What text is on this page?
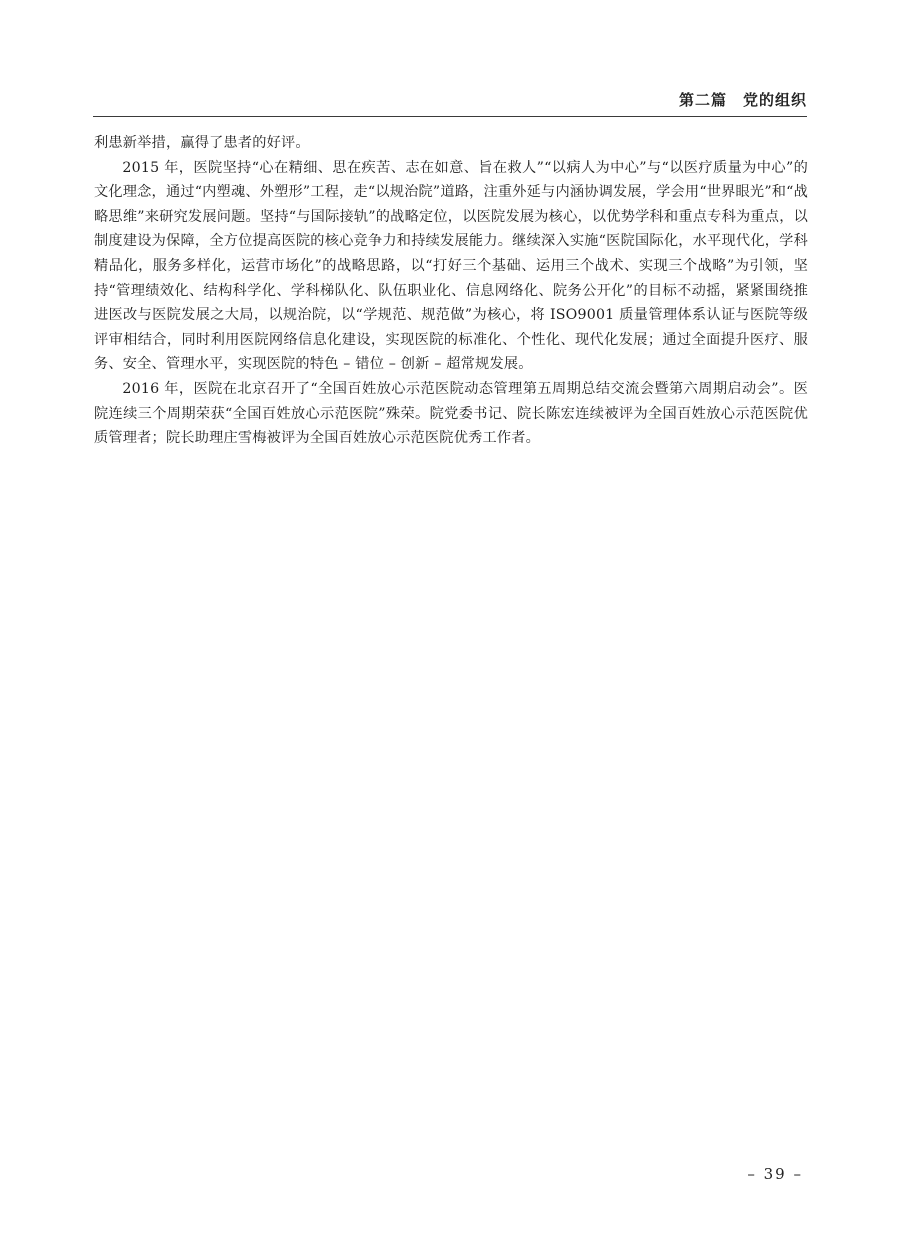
第二篇　党的组织

利患新举措，赢得了患者的好评。

2015 年，医院坚持“心在精细、思在疾苦、志在如意、旨在救人”“以病人为中心”与“以医疗质量为中心”的文化理念，通过“内塑魂、外塑形”工程，走“以规治院”道路，注重外延与内涵协调发展，学会用“世界眼光”和“战略思维”来研究发展问题。坚持“与国际接轨”的战略定位，以医院发展为核心，以优势学科和重点专科为重点，以制度建设为保障，全方位提高医院的核心竞争力和持续发展能力。继续深入实施“医院国际化，水平现代化，学科精品化，服务多样化，运营市场化”的战略思路，以“打好三个基础、运用三个战术、实现三个战略”为引领，坚持“管理绩效化、结构科学化、学科梯队化、队伍职业化、信息网络化、院务公开化”的目标不动摇，紧紧围绕推进医改与医院发展之大局，以规治院，以“学规范、规范做”为核心，将 ISO9001 质量管理体系认证与医院等级评审相结合，同时利用医院网络信息化建设，实现医院的标准化、个性化、现代化发展；通过全面提升医疗、服务、安全、管理水平，实现医院的特色 – 错位 – 创新 – 超常规发展。

2016 年，医院在北京召开了“全国百姓放心示范医院动态管理第五周期总结交流会暨第六周期启动会”。医院连续三个周期荣获“全国百姓放心示范医院”殊荣。院党委书记、院长陈宏连续被评为全国百姓放心示范医院优质管理者；院长助理庄雪梅被评为全国百姓放心示范医院优秀工作者。

– 39 –
